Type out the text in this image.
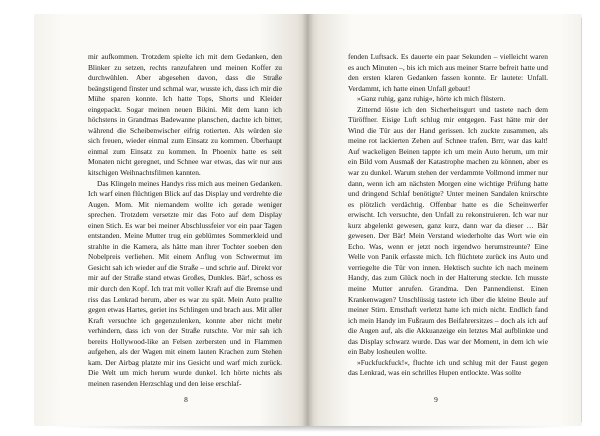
mir aufkommen. Trotzdem spielte ich mit dem Gedanken, den Blinker zu setzen, rechts ranzufahren und meinen Koffer zu durchwühlen. Aber abgesehen davon, dass die Straße beängstigend finster und schmal war, wusste ich, dass ich mir die Mühe sparen konnte. Ich hatte Tops, Shorts und Kleider eingepackt. Sogar meinen neuen Bikini. Mit dem kann ich höchstens in Grandmas Badewanne planschen, dachte ich bitter, während die Scheibenwischer eifrig rotierten. Als würden sie sich freuen, wieder einmal zum Einsatz zu kommen. Überhaupt einmal zum Einsatz zu kommen. In Phoenix hatte es seit Monaten nicht geregnet, und Schnee war etwas, das wir nur aus kitschigen Weihnachtsfilmen kannten.

Das Klingeln meines Handys riss mich aus meinen Gedanken. Ich warf einen flüchtigen Blick auf das Display und verdrehte die Augen. Mom. Mit niemandem wollte ich gerade weniger sprechen. Trotzdem versetzte mir das Foto auf dem Display einen Stich. Es war bei meiner Abschlussfeier vor ein paar Tagen entstanden. Meine Mutter trug ein geblümtes Sommerkleid und strahlte in die Kamera, als hätte man ihrer Tochter soeben den Nobelpreis verliehen. Mit einem Anflug von Schwermut im Gesicht sah ich wieder auf die Straße – und schrie auf. Direkt vor mir auf der Straße stand etwas Großes, Dunkles. Bär!, schoss es mir durch den Kopf. Ich trat mit voller Kraft auf die Bremse und riss das Lenkrad herum, aber es war zu spät. Mein Auto prallte gegen etwas Hartes, geriet ins Schlingen und brach aus. Mit aller Kraft versuchte ich gegenzulenken, konnte aber nicht mehr verhindern, dass ich von der Straße rutschte. Vor mir sah ich bereits Hollywood-like an Felsen zerbersten und in Flammen aufgehen, als der Wagen mit einem lauten Krachen zum Stehen kam. Der Airbag platzte mir ins Gesicht und warf mich zurück. Die Welt um mich herum wurde dunkel. Ich hörte nichts als meinen rasenden Herzschlag und den leise erschlaf-

8

fenden Luftsack. Es dauerte ein paar Sekunden – vielleicht waren es auch Minuten –, bis ich mich aus meiner Starre befreit hatte und den ersten klaren Gedanken fassen konnte. Er lautete: Unfall. Verdammt, ich hatte einen Unfall gebaut!

»Ganz ruhig, ganz ruhig«, hörte ich mich flüstern.

Zitternd löste ich den Sicherheitsgurt und tastete nach dem Türöffner. Eisige Luft schlug mir entgegen. Fast hätte mir der Wind die Tür aus der Hand gerissen. Ich zuckte zusammen, als meine rot lackierten Zehen auf Schnee trafen. Brrr, war das kalt! Auf wackeligen Beinen tappte ich um mein Auto herum, um mir ein Bild vom Ausmaß der Katastrophe machen zu können, aber es war zu dunkel. Warum stehen der verdammte Vollmond immer nur dann, wenn ich am nächsten Morgen eine wichtige Prüfung hatte und dringend Schlaf benötigte? Unter meinen Sandalen knirschte es plötzlich verdächtig. Offenbar hatte es die Scheinwerfer erwischt. Ich versuchte, den Unfall zu rekonstruieren. Ich war nur kurz abgelenkt gewesen, ganz kurz, dann war da dieser … Bär gewesen. Der Bär! Mein Verstand wiederholte das Wort wie ein Echo. Was, wenn er jetzt noch irgendwo herumstreunte? Eine Welle von Panik erfasste mich. Ich flüchtete zurück ins Auto und verriegelte die Tür von innen. Hektisch suchte ich nach meinem Handy, das zum Glück noch in der Halterung steckte. Ich musste meine Mutter anrufen. Grandma. Den Pannendienst. Einen Krankenwagen? Unschlüssig tastete ich über die kleine Beule auf meiner Stirn. Ernsthaft verletzt hatte ich mich nicht. Endlich fand ich mein Handy im Fußraum des Beifahrersitzes – doch als ich auf die Augen auf, als die Akkuanzeige ein letztes Mal aufblinkte und das Display schwarz wurde. Das war der Moment, in dem ich wie ein Baby losheulen wollte.

»Fuckfuckfuck!«, fluchte ich und schlug mit der Faust gegen das Lenkrad, was ein schrilles Hupen entlockte. Was sollte

9
